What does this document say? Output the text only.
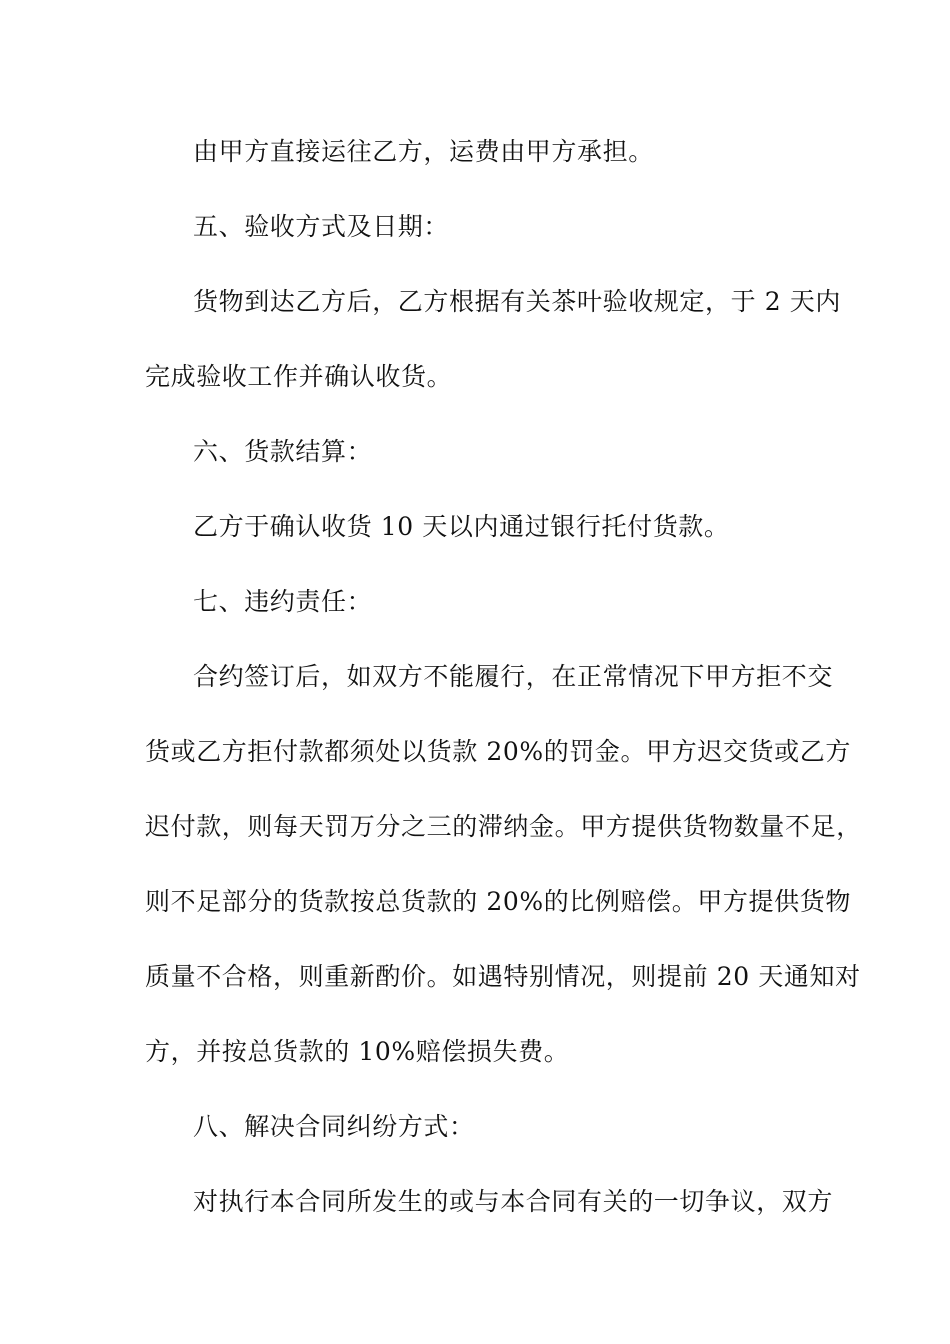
由甲方直接运往乙方，运费由甲方承担。
五、验收方式及日期：
货物到达乙方后，乙方根据有关茶叶验收规定，于 2 天内
完成验收工作并确认收货。
六、货款结算：
乙方于确认收货 10 天以内通过银行托付货款。
七、违约责任：
合约签订后，如双方不能履行，在正常情况下甲方拒不交
货或乙方拒付款都须处以货款 20%的罚金。甲方迟交货或乙方
迟付款，则每天罚万分之三的滞纳金。甲方提供货物数量不足，
则不足部分的货款按总货款的 20%的比例赔偿。甲方提供货物
质量不合格，则重新酌价。如遇特别情况，则提前 20 天通知对
方，并按总货款的 10%赔偿损失费。
八、解决合同纠纷方式：
对执行本合同所发生的或与本合同有关的一切争议，双方
